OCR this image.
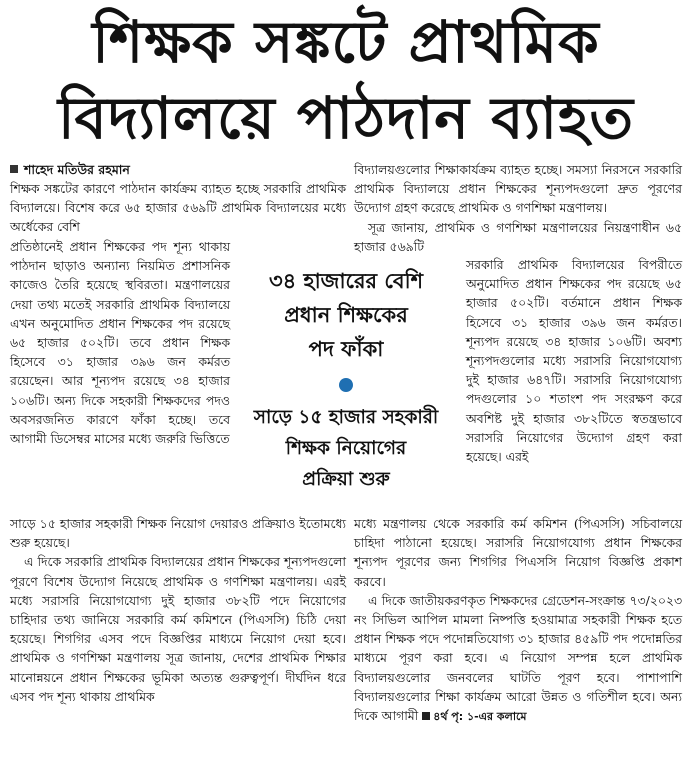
শিক্ষক সঙ্কটে প্রাথমিক
বিদ্যালয়ে পাঠদান ব্যাহত
শাহেদ মতিউর রহমান

শিক্ষক সঙ্কটের কারণে পাঠদান কার্যক্রম ব্যাহত হচ্ছে সরকারি প্রাথমিক বিদ্যালয়ে। বিশেষ করে ৬৫ হাজার ৫৬৯টি প্রাথমিক বিদ্যালয়ের মধ্যে অর্ধেকের বেশি

প্রতিষ্ঠানেই প্রধান শিক্ষকের পদ শূন্য থাকায় পাঠদান ছাড়াও অন্যান্য নিয়মিত প্রশাসনিক কাজেও তৈরি হয়েছে স্থবিরতা। মন্ত্রণালয়ের দেয়া তথ্য মতেই সরকারি প্রাথমিক বিদ্যালয়ে এখন অনুমোদিত প্রধান শিক্ষকের পদ রয়েছে ৬৫ হাজার ৫০২টি। তবে প্রধান শিক্ষক হিসেবে ৩১ হাজার ৩৯৬ জন কর্মরত রয়েছেন। আর শূন্যপদ রয়েছে ৩৪ হাজার ১০৬টি। অন্য দিকে সহকারী শিক্ষকদের পদও অবসরজনিত কারণে ফাঁকা হচ্ছে। তবে আগামী ডিসেম্বর মাসের মধ্যে জরুরি ভিত্তিতে

বিদ্যালয়গুলোর শিক্ষাকার্যক্রম ব্যাহত হচ্ছে। সমস্যা নিরসনে সরকারি প্রাথমিক বিদ্যালয়ে প্রধান শিক্ষকের শূন্যপদগুলো দ্রুত পূরণের উদ্যোগ গ্রহণ করেছে প্রাথমিক ও গণশিক্ষা মন্ত্রণালয়।

সূত্র জানায়, প্রাথমিক ও গণশিক্ষা মন্ত্রণালয়ের নিয়ন্ত্রণাধীন ৬৫ হাজার ৫৬৯টি

সরকারি প্রাথমিক বিদ্যালয়ের বিপরীতে অনুমোদিত প্রধান শিক্ষকের পদ রয়েছে ৬৫ হাজার ৫০২টি। বর্তমানে প্রধান শিক্ষক হিসেবে ৩১ হাজার ৩৯৬ জন কর্মরত। শূন্যপদ রয়েছে ৩৪ হাজার ১০৬টি। অবশ্য শূন্যপদগুলোর মধ্যে সরাসরি নিয়োগযোগ্য দুই হাজার ৬৪৭টি। সরাসরি নিয়োগযোগ্য পদগুলোর ১০ শতাংশ পদ সংরক্ষণ করে অবশিষ্ট দুই হাজার ৩৮২টিতে স্বতন্ত্রভাবে সরাসরি নিয়োগের উদ্যোগ গ্রহণ করা হয়েছে। এরই

৩৪ হাজারের বেশি
প্রধান শিক্ষকের
পদ ফাঁকা
সাড়ে ১৫ হাজার সহকারী
শিক্ষক নিয়োগের
প্রক্রিয়া শুরু

সাড়ে ১৫ হাজার সহকারী শিক্ষক নিয়োগ দেয়ারও প্রক্রিয়াও ইতোমধ্যে শুরু হয়েছে।

এ দিকে সরকারি প্রাথমিক বিদ্যালয়ের প্রধান শিক্ষকের শূন্যপদগুলো পূরণে বিশেষ উদ্যোগ নিয়েছে প্রাথমিক ও গণশিক্ষা মন্ত্রণালয়। এরই মধ্যে সরাসরি নিয়োগযোগ্য দুই হাজার ৩৮২টি পদে নিয়োগের চাহিদার তথ্য জানিয়ে সরকারি কর্ম কমিশনে (পিএসসি) চিঠি দেয়া হয়েছে। শিগগির এসব পদে বিজ্ঞপ্তির মাধ্যমে নিয়োগ দেয়া হবে। প্রাথমিক ও গণশিক্ষা মন্ত্রণালয় সূত্র জানায়, দেশের প্রাথমিক শিক্ষার মানোন্নয়নে প্রধান শিক্ষকের ভূমিকা অত্যন্ত গুরুত্বপূর্ণ। দীর্ঘদিন ধরে এসব পদ শূন্য থাকায় প্রাথমিক

মধ্যে মন্ত্রণালয় থেকে সরকারি কর্ম কমিশন (পিএসসি) সচিবালয়ে চাহিদা পাঠানো হয়েছে। সরাসরি নিয়োগযোগ্য প্রধান শিক্ষকের শূন্যপদ পূরণের জন্য শিগগির পিএসসি নিয়োগ বিজ্ঞপ্তি প্রকাশ করবে।

এ দিকে জাতীয়করণকৃত শিক্ষকদের গ্রেডেশন-সংক্রান্ত ৭৩/২০২৩ নং সিভিল আপিল মামলা নিষ্পত্তি হওয়ামাত্র সহকারী শিক্ষক হতে প্রধান শিক্ষক পদে পদোন্নতিযোগ্য ৩১ হাজার ৪৫৯টি পদ পদোন্নতির মাধ্যমে পূরণ করা হবে। এ নিয়োগ সম্পন্ন হলে প্রাথমিক বিদ্যালয়গুলোর জনবলের ঘাটতি পূরণ হবে। পাশাপাশি বিদ্যালয়গুলোর শিক্ষা কার্যক্রম আরো উন্নত ও গতিশীল হবে। অন্য দিকে আগামী ৪র্থ পৃ: ১-এর কলামে
